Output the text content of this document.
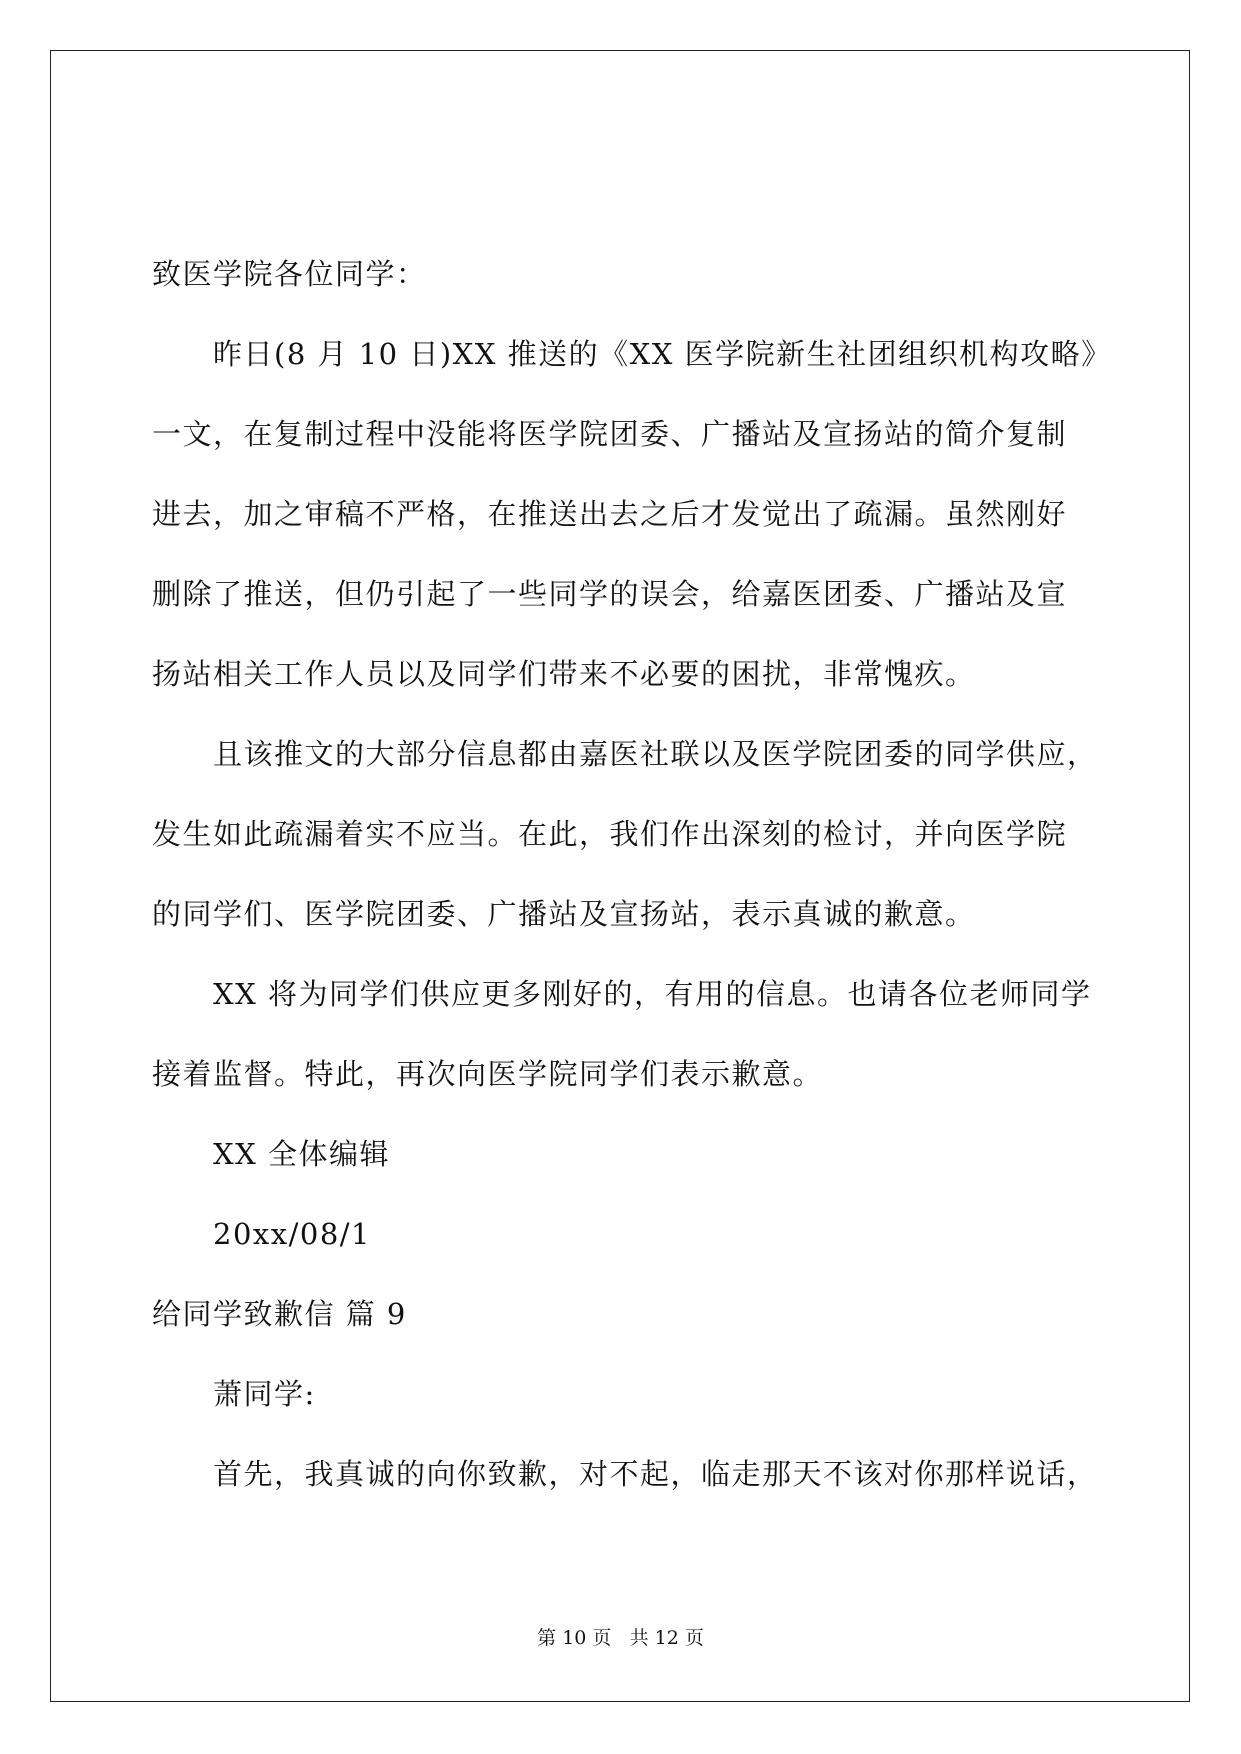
致医学院各位同学：
昨日(8 月 10 日)XX 推送的《XX 医学院新生社团组织机构攻略》
一文，在复制过程中没能将医学院团委、广播站及宣扬站的简介复制
进去，加之审稿不严格，在推送出去之后才发觉出了疏漏。虽然刚好
删除了推送，但仍引起了一些同学的误会，给嘉医团委、广播站及宣
扬站相关工作人员以及同学们带来不必要的困扰，非常愧疚。
且该推文的大部分信息都由嘉医社联以及医学院团委的同学供应，
发生如此疏漏着实不应当。在此，我们作出深刻的检讨，并向医学院
的同学们、医学院团委、广播站及宣扬站，表示真诚的歉意。
XX 将为同学们供应更多刚好的，有用的信息。也请各位老师同学
接着监督。特此，再次向医学院同学们表示歉意。
XX 全体编辑
20xx/08/1
给同学致歉信 篇 9
萧同学:
首先，我真诚的向你致歉，对不起，临走那天不该对你那样说话，
第 10 页 共 12 页
